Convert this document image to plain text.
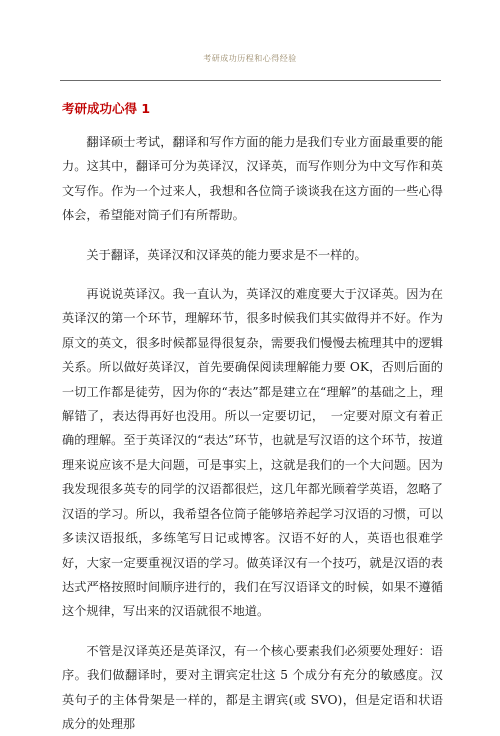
考研成功历程和心得经验
考研成功心得 1

翻译硕士考试，翻译和写作方面的能力是我们专业方面最重要的能力。这其中，翻译可分为英译汉，汉译英，而写作则分为中文写作和英文写作。作为一个过来人，我想和各位筒子谈谈我在这方面的一些心得体会，希望能对筒子们有所帮助。

关于翻译，英译汉和汉译英的能力要求是不一样的。

再说说英译汉。我一直认为，英译汉的难度要大于汉译英。因为在英译汉的第一个环节，理解环节，很多时候我们其实做得并不好。作为原文的英文，很多时候都显得很复杂，需要我们慢慢去梳理其中的逻辑关系。所以做好英译汉，首先要确保阅读理解能力要 OK，否则后面的一切工作都是徒劳，因为你的“表达”都是建立在“理解”的基础之上，理解错了，表达得再好也没用。所以一定要切记，　一定要对原文有着正确的理解。至于英译汉的“表达”环节，也就是写汉语的这个环节，按道理来说应该不是大问题，可是事实上，这就是我们的一个大问题。因为我发现很多英专的同学的汉语都很烂，这几年都光顾着学英语，忽略了汉语的学习。所以，我希望各位筒子能够培养起学习汉语的习惯，可以多读汉语报纸，多练笔写日记或博客。汉语不好的人，英语也很难学好，大家一定要重视汉语的学习。做英译汉有一个技巧，就是汉语的表达式严格按照时间顺序进行的，我们在写汉语译文的时候，如果不遵循这个规律，写出来的汉语就很不地道。

不管是汉译英还是英译汉，有一个核心要素我们必须要处理好：语序。我们做翻译时，要对主谓宾定壮这 5 个成分有充分的敏感度。汉英句子的主体骨架是一样的，都是主谓宾(或 SVO)，但是定语和状语成分的处理那
